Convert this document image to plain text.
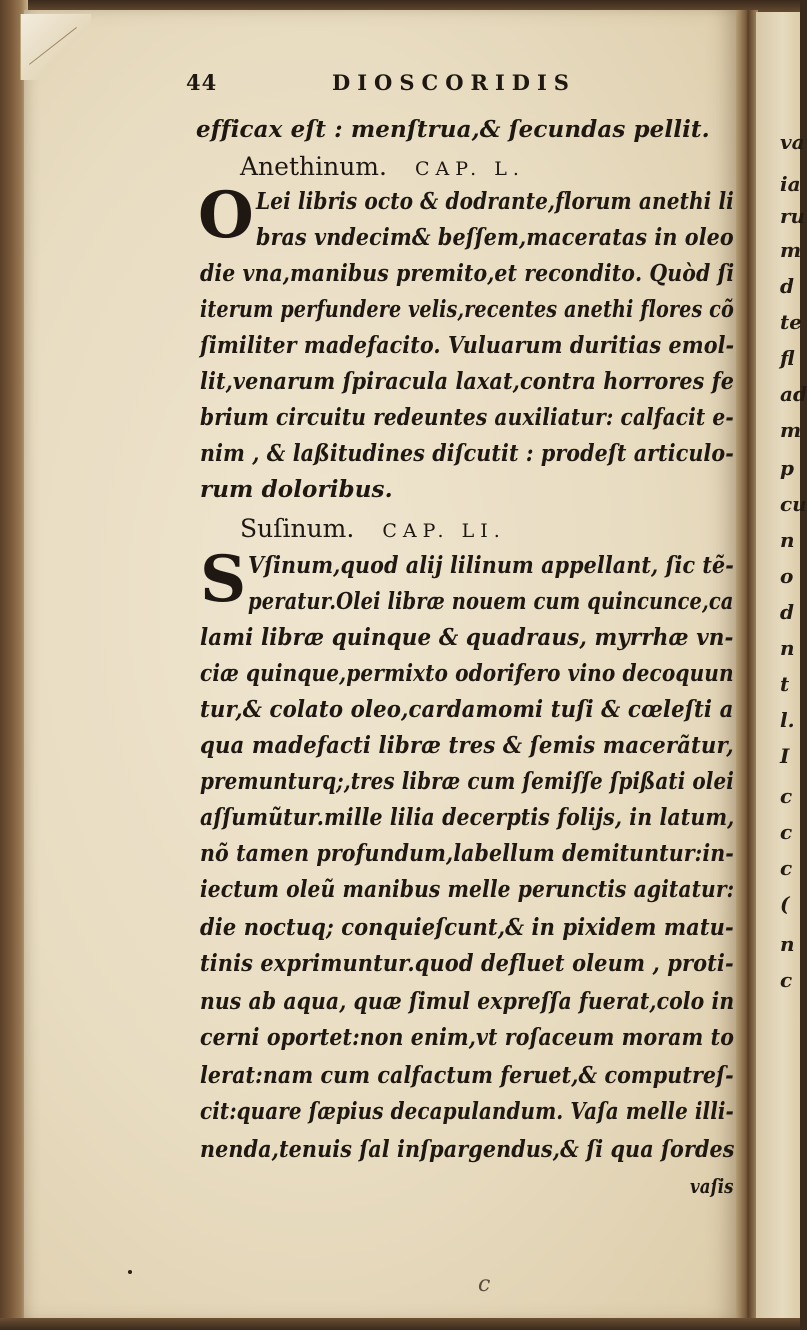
va
ia
ru
m
d
te
fl
ad
m
p
cu
n
o
d
n
t
l.
I
c
c
c
(
n
c
44	DIOSCORIDIS
efficax eſt : menſtrua,& ſecundas pellit.
Anethinum. CAP. L.
O Lei libris octo & dodrante,florum anethi li
bras vndecim& beſſem,maceratas in oleo
die vna,manibus premito,et reconditο. Quòd ſi
iterum perfundere velis,recentes anethi flores cõ
ſimiliter madefacito. Vuluarum duritias emol-
lit,venarum ſpiracula laxat,contra horrores fe
brium circuitu redeuntes auxiliatur: calfacit e-
nim , & laßitudines diſcutit : prodeſt articulo-
rum doloribus.
Suſinum. CAP. LI.
S Vſinum,quod alij lilinum appellant, ſic tẽ-
peratur.Olei libræ nouem cum quincunce,ca
lami libræ quinque & quadraus, myrrhæ vn-
ciæ quinque,permixto odorifero vino decoquun
tur,& colato oleo,cardamomi tuſi & cœleſti a
qua madefacti libræ tres & ſemis macerãtur,
premunturq;,tres libræ cum ſemiſſe ſpißati olei
aſſumũtur.mille lilia decerptis folijs, in latum,
nõ tamen profundum,labellum demituntur:in-
iectum oleũ manibus melle perunctis agitatur:
die noctuq; conquieſcunt,& in pixidem matu-
tinis exprimuntur.quod defluet oleum , proti-
nus ab aqua, quæ ſimul expreſſa fuerat,colo in
cerni oportet:non enim,vt roſaceum moram to
lerat:nam cum calfactum feruet,& computreſ-
cit:quare ſæpius decapulandum. Vaſa melle illi-
nenda,tenuis ſal inſpargendus,& ſi qua ſordes
vaſis
c
